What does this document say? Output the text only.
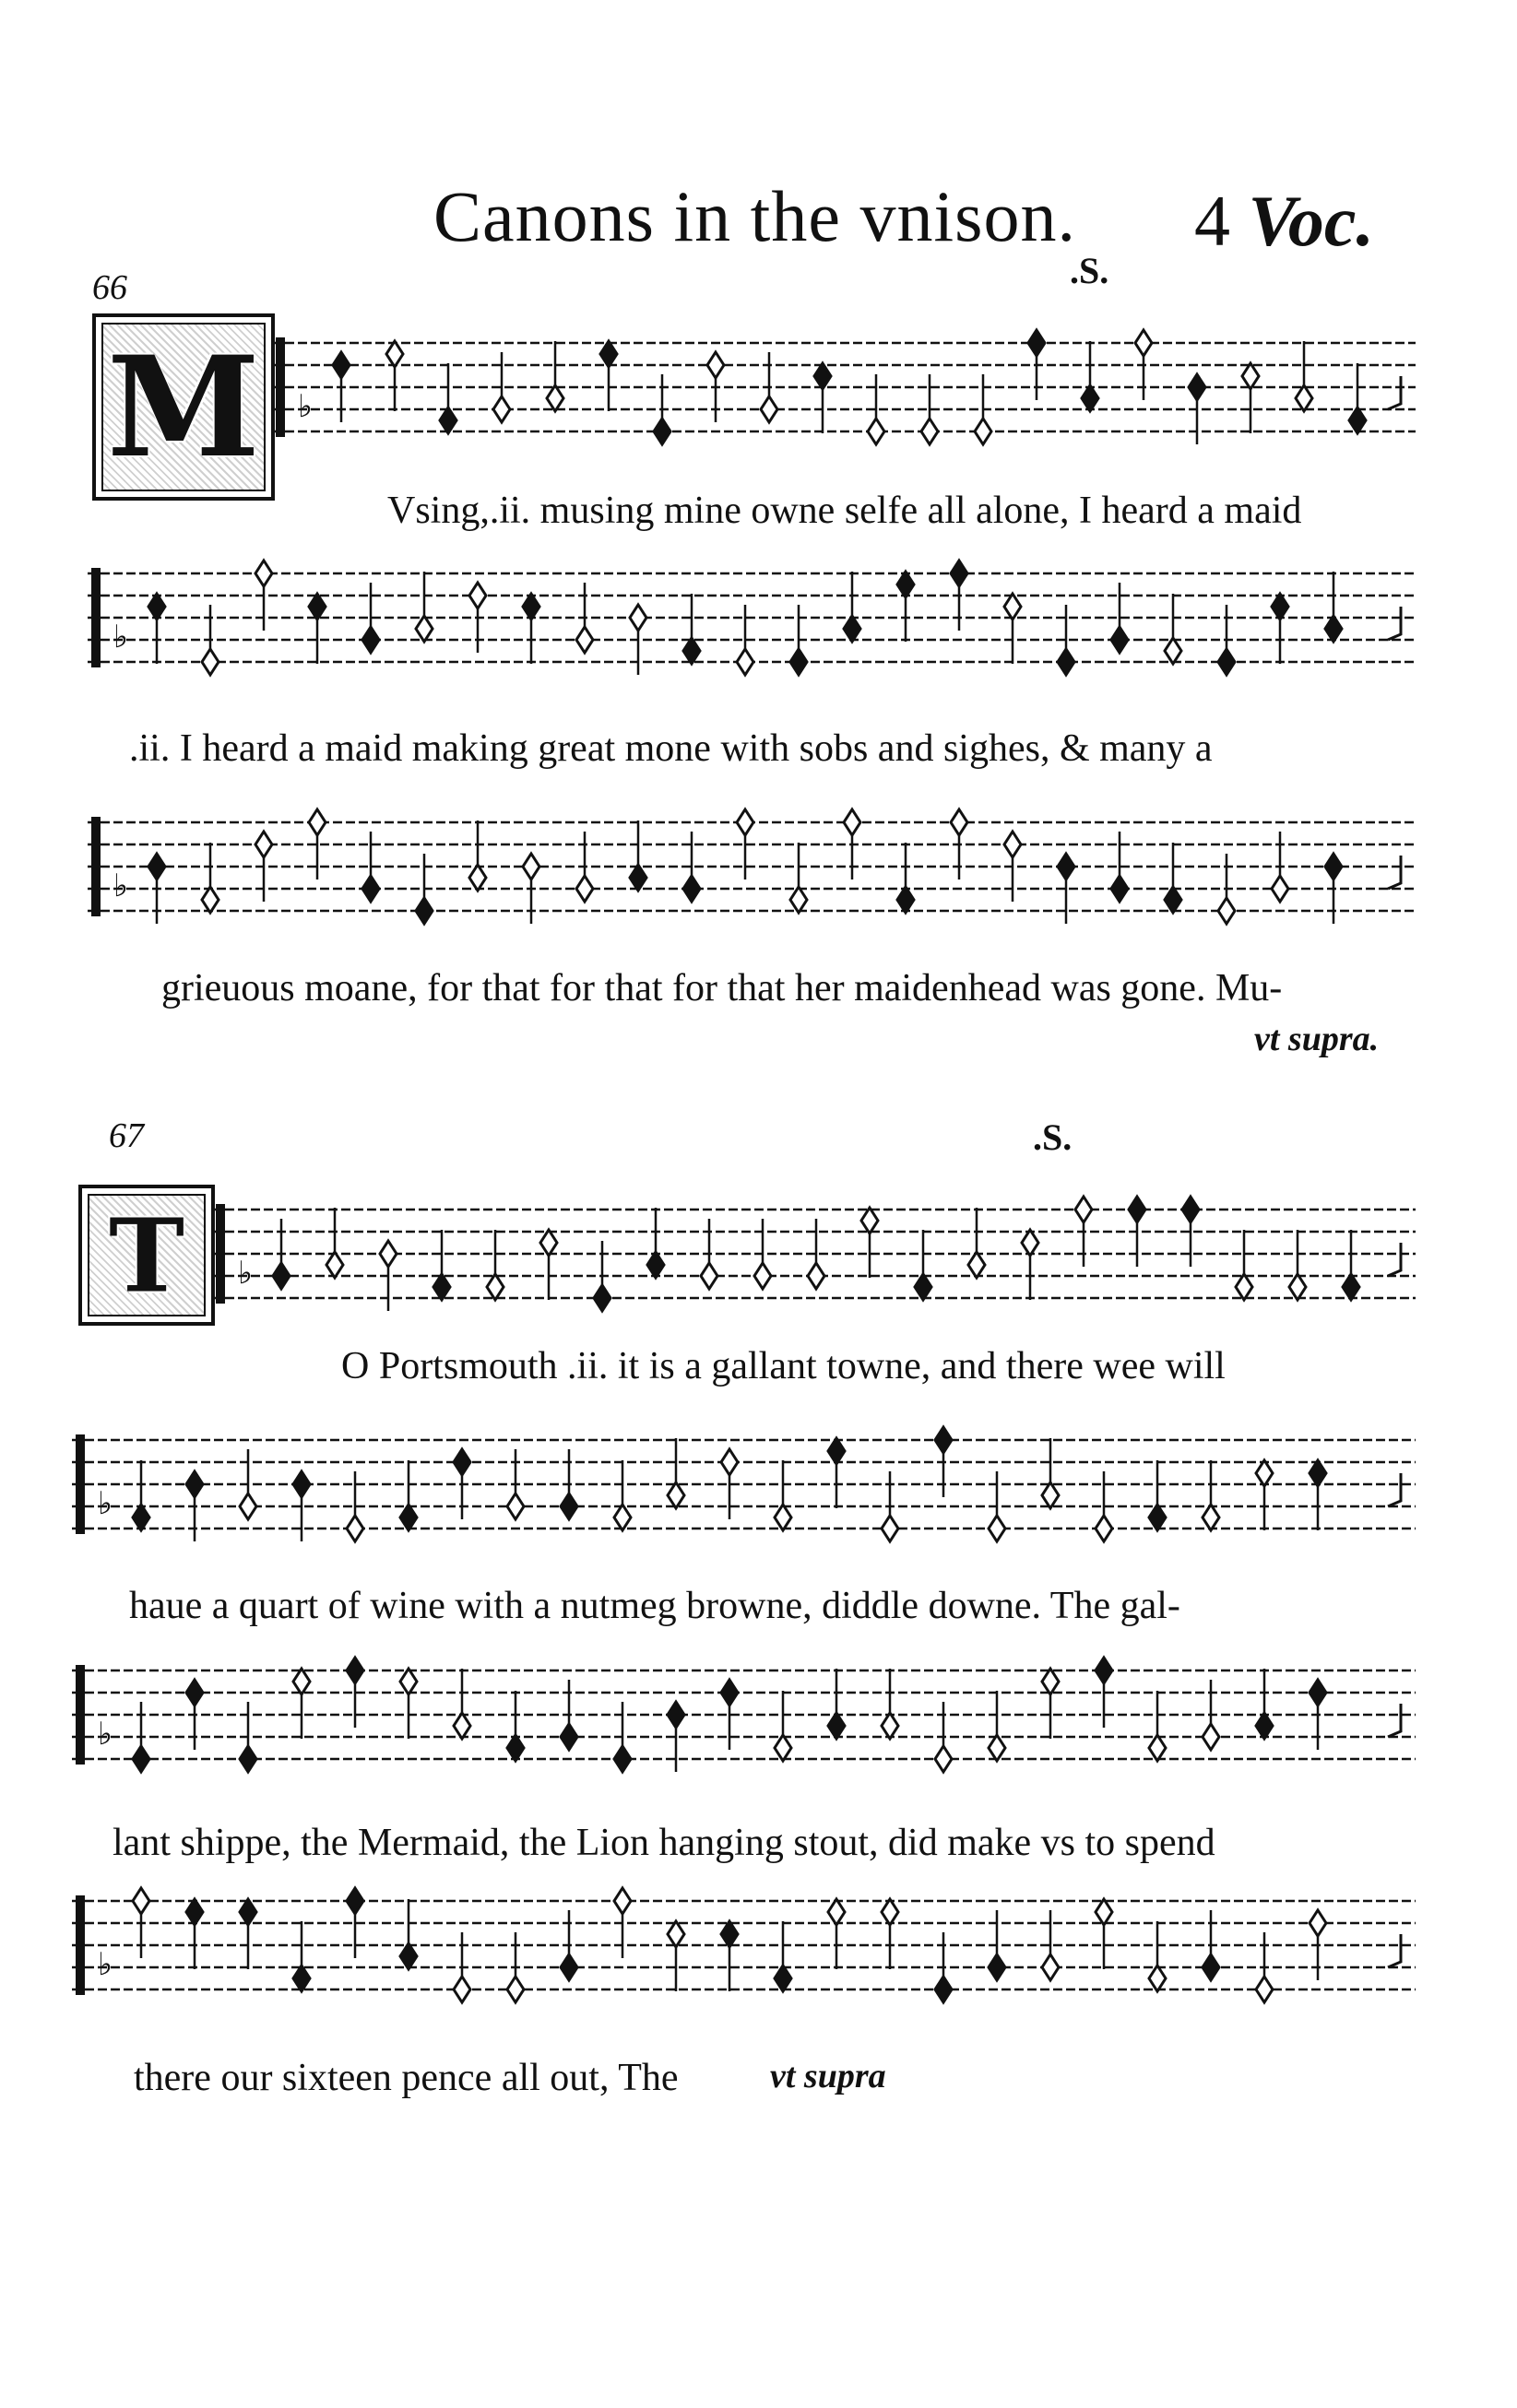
Canons in the vnison. 4 Voc.
66	.S.
M	♭
Vsing,.ii. musing mine owne selfe all alone, I heard a maid
♭
.ii. I heard a maid making great mone with sobs and sighes, & many a
♭
grieuous moane, for that for that for that her maidenhead was gone. Mu-
vt supra.
67	.S.
T	♭
O Portsmouth .ii. it is a gallant towne, and there wee will
♭
haue a quart of wine with a nutmeg browne, diddle downe. The gal-
♭
lant shippe, the Mermaid, the Lion hanging stout, did make vs to spend
♭
there our sixteen pence all out, The	vt supra
